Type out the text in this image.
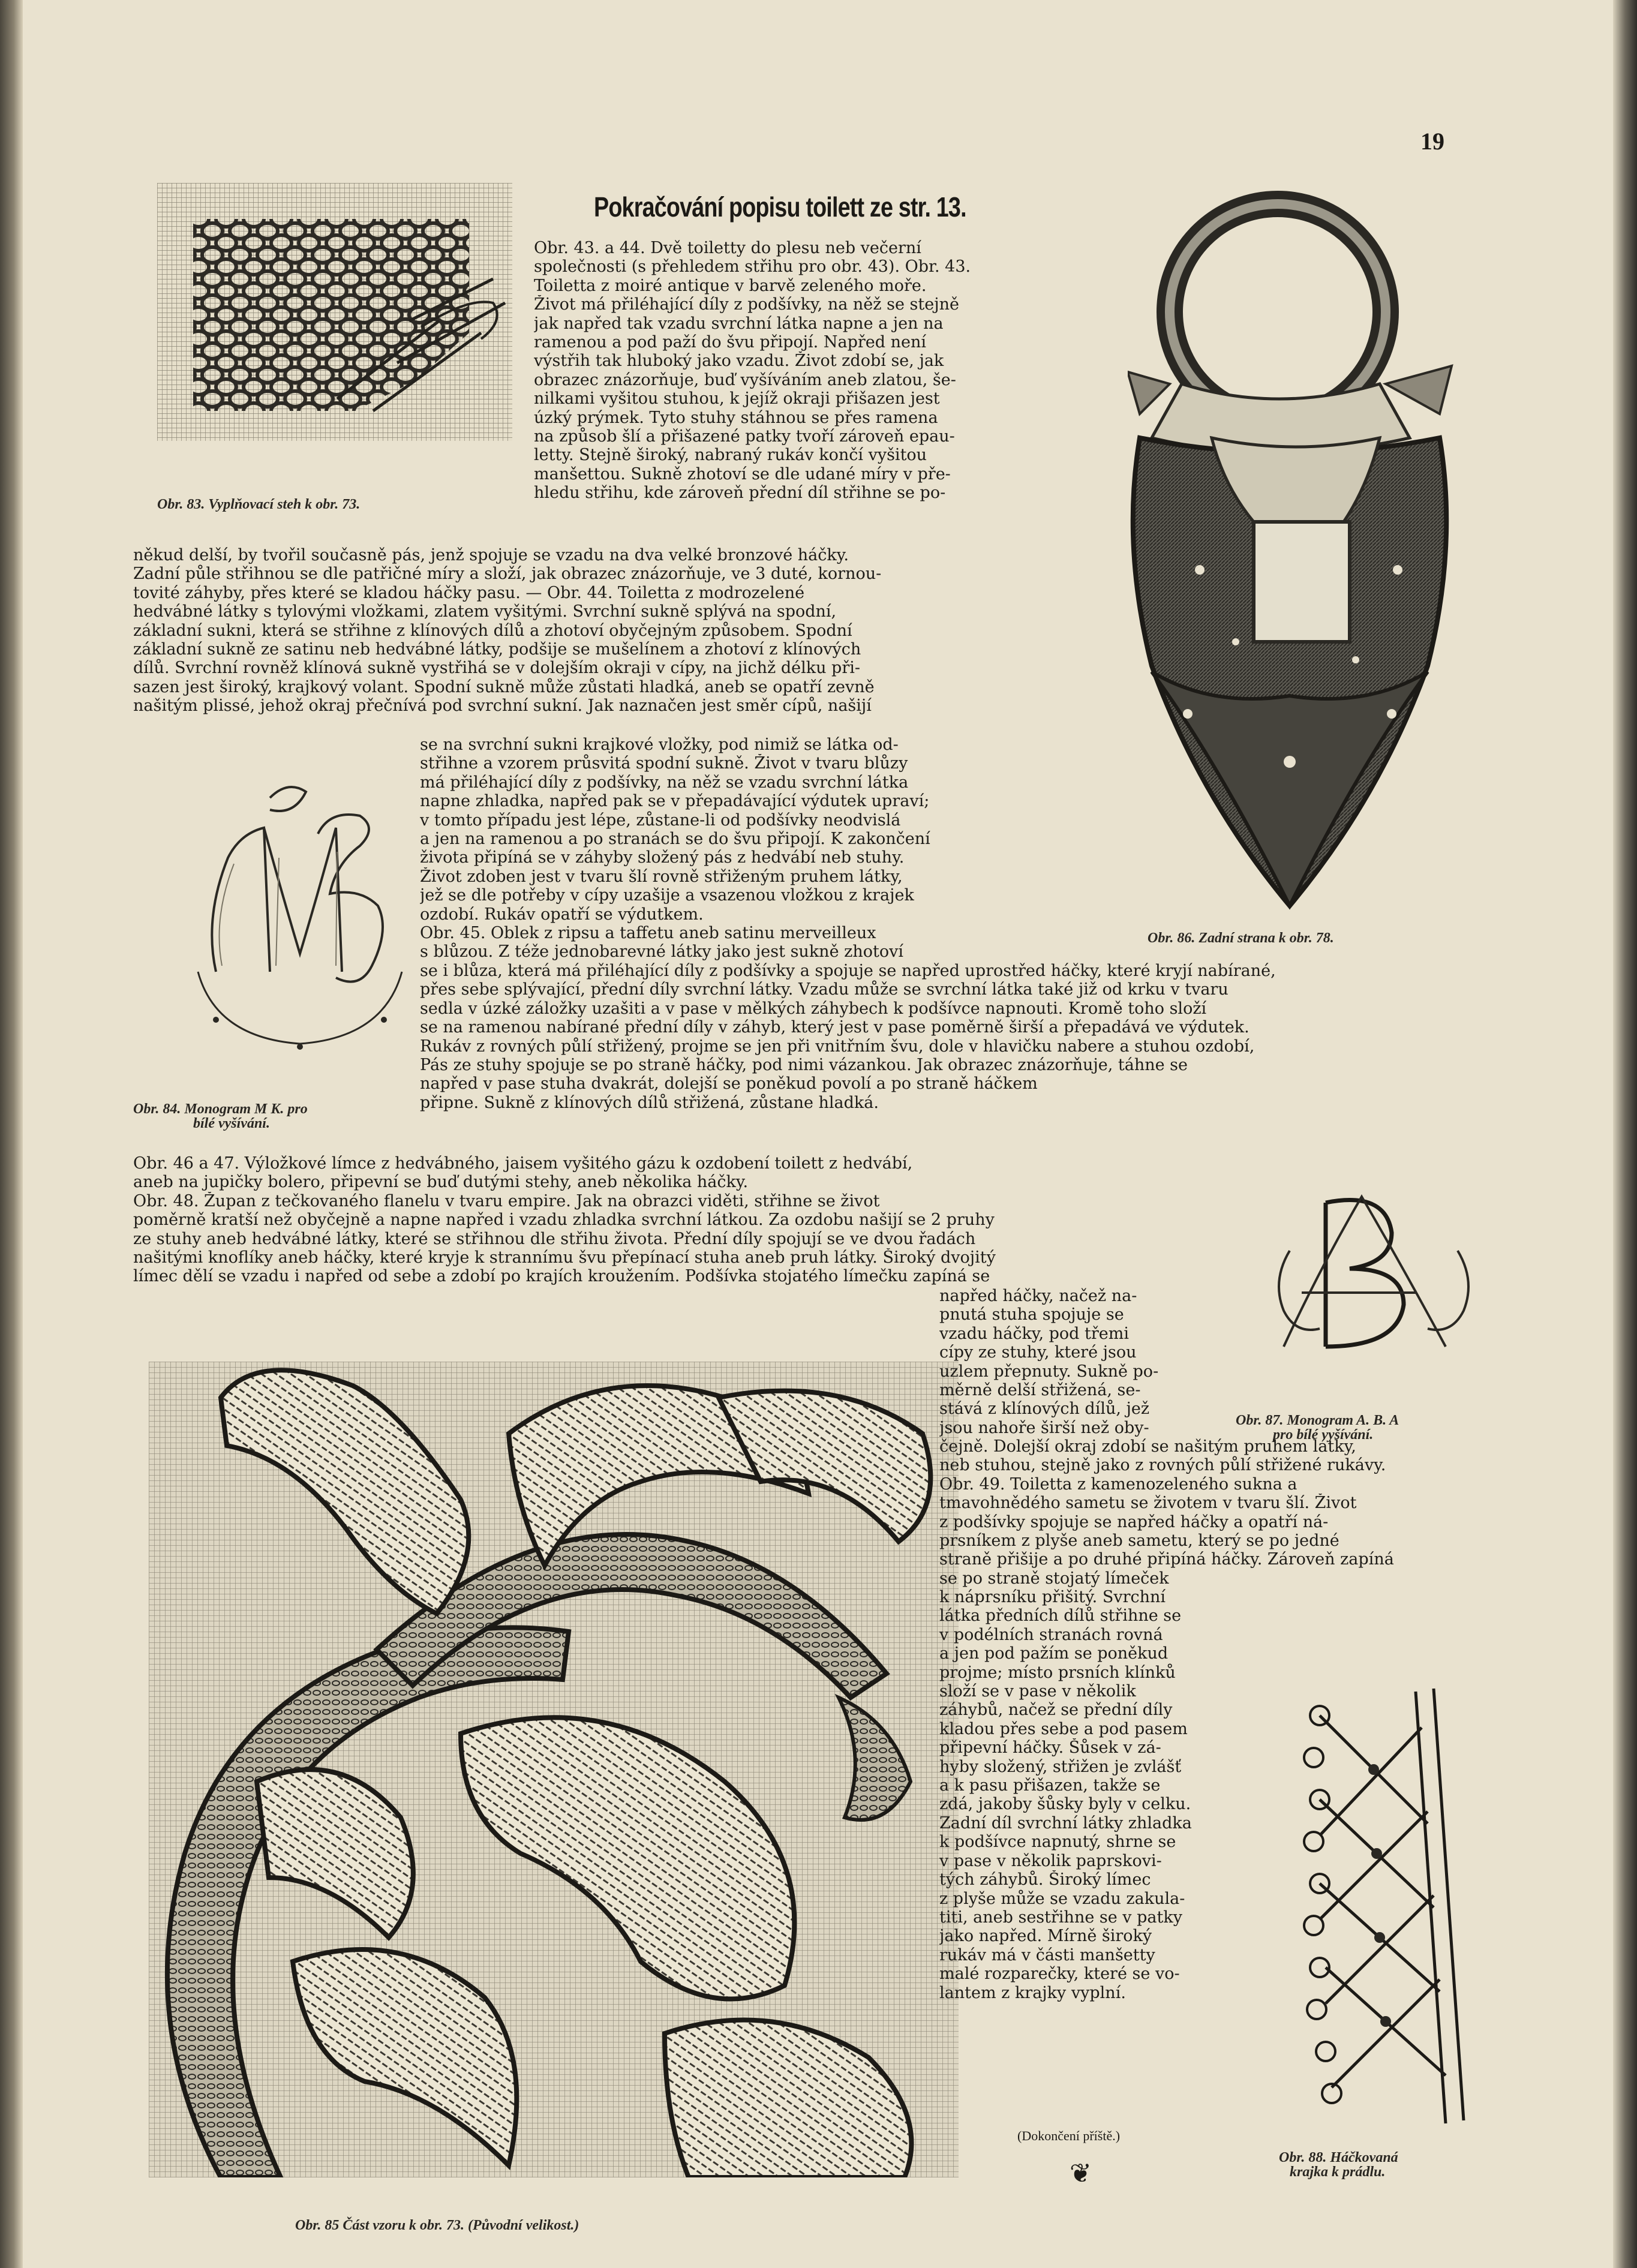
19
Pokračování popisu toilett ze str. 13.
Obr. 83. Vyplňovací steh k obr. 73.
Obr. 86. Zadní strana k obr. 78.
Obr. 84. Monogram M K. pro
bílé vyšívání.
Obr. 87. Monogram A. B. A
pro bílé vyšívání.
Obr. 85 Část vzoru k obr. 73. (Původní velikost.)
Obr. 88. Háčkovaná
krajka k prádlu.
Obr. 43. a 44. Dvě toiletty do plesu neb večerní
společnosti (s přehledem střihu pro obr. 43). Obr. 43.
Toiletta z moiré antique v barvě zeleného moře.
Život má přiléhající díly z podšívky, na něž se stejně
jak napřed tak vzadu svrchní látka napne a jen na
ramenou a pod paží do švu připojí. Napřed není
výstřih tak hluboký jako vzadu. Život zdobí se, jak
obrazec znázorňuje, buď vyšíváním aneb zlatou, še-
nilkami vyšitou stuhou, k jejíž okraji přišazen jest
úzký prýmek. Tyto stuhy stáhnou se přes ramena
na způsob šlí a přišazené patky tvoří zároveň epau-
letty. Stejně široký, nabraný rukáv končí vyšitou
manšettou. Sukně zhotoví se dle udané míry v pře-
hledu střihu, kde zároveň přední díl střihne se po-
někud delší, by tvořil současně pás, jenž spojuje se vzadu na dva velké bronzové háčky.
Zadní půle střihnou se dle patřičné míry a složí, jak obrazec znázorňuje, ve 3 duté, kornou-
tovité záhyby, přes které se kladou háčky pasu. — Obr. 44. Toiletta z modrozelené
hedvábné látky s tylovými vložkami, zlatem vyšitými. Svrchní sukně splývá na spodní,
základní sukni, která se střihne z klínových dílů a zhotoví obyčejným způsobem. Spodní
základní sukně ze satinu neb hedvábné látky, podšije se mušelínem a zhotoví z klínových
dílů. Svrchní rovněž klínová sukně vystřihá se v dolejším okraji v cípy, na jichž délku při-
sazen jest široký, krajkový volant. Spodní sukně může zůstati hladká, aneb se opatří zevně
našitým plissé, jehož okraj přečnívá pod svrchní sukní. Jak naznačen jest směr cípů, našijí
se na svrchní sukni krajkové vložky, pod nimiž se látka od-
střihne a vzorem průsvitá spodní sukně. Život v tvaru blůzy
má přiléhající díly z podšívky, na něž se vzadu svrchní látka
napne zhladka, napřed pak se v přepadávající výdutek upraví;
v tomto případu jest lépe, zůstane-li od podšívky neodvislá
a jen na ramenou a po stranách se do švu připojí. K zakončení
života připíná se v záhyby složený pás z hedvábí neb stuhy.
Život zdoben jest v tvaru šlí rovně střiženým pruhem látky,
jež se dle potřeby v cípy uzašije a vsazenou vložkou z krajek
ozdobí. Rukáv opatří se výdutkem.
Obr. 45. Oblek z ripsu a taffetu aneb satinu merveilleux
s blůzou. Z téže jednobarevné látky jako jest sukně zhotoví
se i blůza, která má přiléhající díly z podšívky a spojuje se napřed uprostřed háčky, které kryjí nabírané,
přes sebe splývající, přední díly svrchní látky. Vzadu může se svrchní látka také již od krku v tvaru
sedla v úzké záložky uzašiti a v pase v mělkých záhybech k podšívce napnouti. Kromě toho složí
se na ramenou nabírané přední díly v záhyb, který jest v pase poměrně širší a přepadává ve výdutek.
Rukáv z rovných půlí střižený, projme se jen při vnitřním švu, dole v hlavičku nabere a stuhou ozdobí,
Pás ze stuhy spojuje se po straně háčky, pod nimi vázankou. Jak obrazec znázorňuje, táhne se
napřed v pase stuha dvakrát, dolejší se poněkud povolí a po straně háčkem
připne. Sukně z klínových dílů střižená, zůstane hladká.
Obr. 46 a 47. Výložkové límce z hedvábného, jaisem vyšitého gázu k ozdobení toilett z hedvábí,
aneb na jupičky bolero, připevní se buď dutými stehy, aneb několika háčky.
Obr. 48. Župan z tečkovaného flanelu v tvaru empire. Jak na obrazci viděti, střihne se život
poměrně kratší než obyčejně a napne napřed i vzadu zhladka svrchní látkou. Za ozdobu našijí se 2 pruhy
ze stuhy aneb hedvábné látky, které se střihnou dle střihu života. Přední díly spojují se ve dvou řadách
našitými knoflíky aneb háčky, které kryje k strannímu švu přepínací stuha aneb pruh látky. Široký dvojitý
límec dělí se vzadu i napřed od sebe a zdobí po krajích kroužením. Podšívka stojatého límečku zapíná se
napřed háčky, načež na-
pnutá stuha spojuje se
vzadu háčky, pod třemi
cípy ze stuhy, které jsou
uzlem přepnuty. Sukně po-
měrně delší střižená, se-
stává z klínových dílů, jež
jsou nahoře širší než oby-
čejně. Dolejší okraj zdobí se našitým pruhem látky,
neb stuhou, stejně jako z rovných půlí střižené rukávy.
Obr. 49. Toiletta z kamenozeleného sukna a
tmavohnědého sametu se životem v tvaru šlí. Život
z podšívky spojuje se napřed háčky a opatří ná-
prsníkem z plyše aneb sametu, který se po jedné
straně přišije a po druhé připíná háčky. Zároveň zapíná
se po straně stojatý límeček
k náprsníku přišitý. Svrchní
látka předních dílů střihne se
v podélních stranách rovná
a jen pod pažím se poněkud
projme; místo prsních klínků
složí se v pase v několik
záhybů, načež se přední díly
kladou přes sebe a pod pasem
připevní háčky. Šůsek v zá-
hyby složený, střižen je zvlášť
a k pasu přišazen, takže se
zdá, jakoby šůsky byly v celku.
Zadní díl svrchní látky zhladka
k podšívce napnutý, shrne se
v pase v několik paprskovi-
tých záhybů. Široký límec
z plyše může se vzadu zakula-
titi, aneb sestřihne se v patky
jako napřed. Mírně široký
rukáv má v části manšetty
malé rozparečky, které se vo-
lantem z krajky vyplní.
(Dokončení příště.)
❦
